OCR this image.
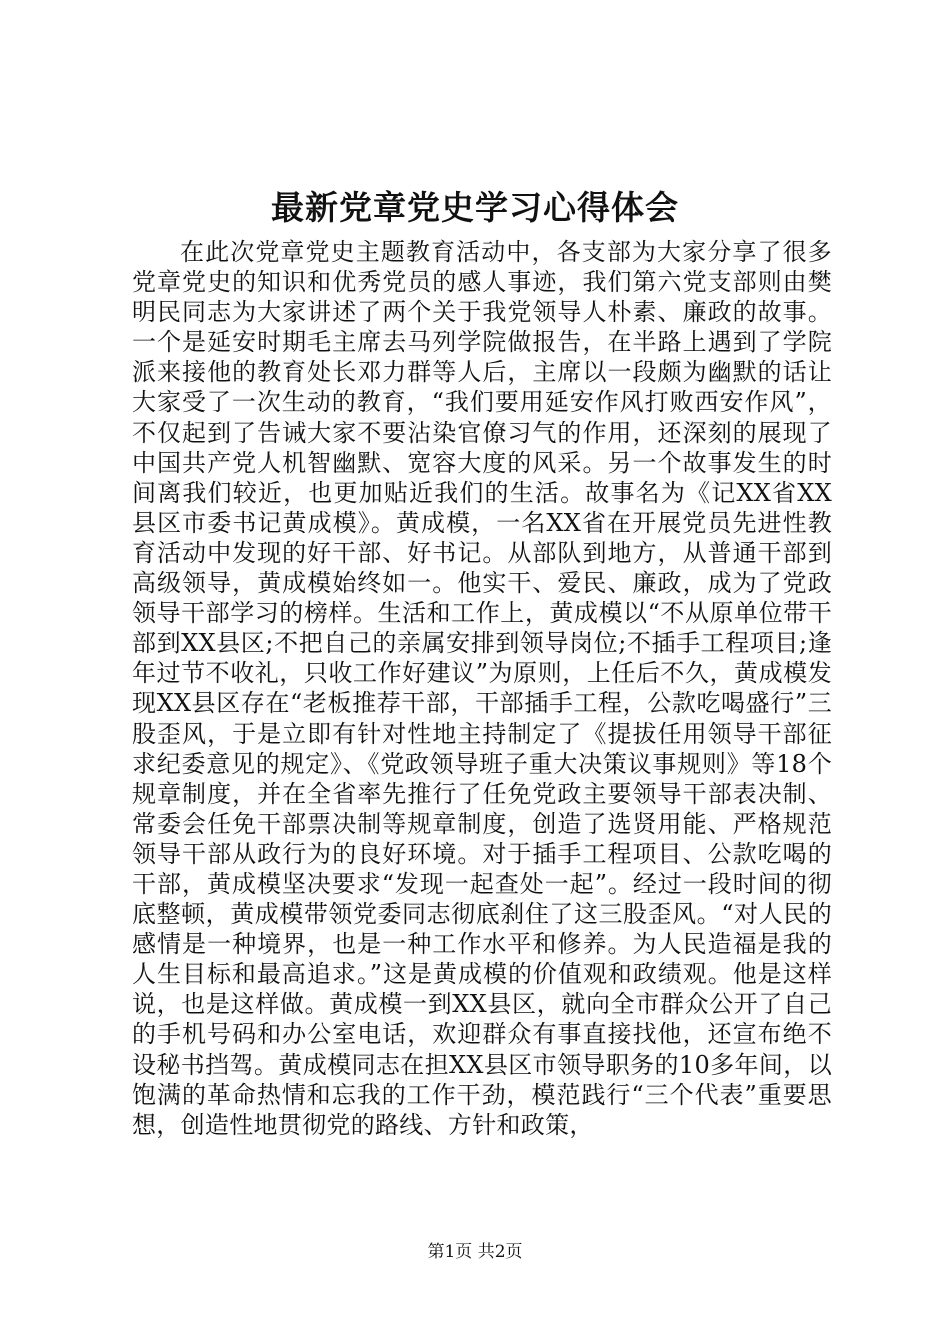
最新党章党史学习心得体会

在此次党章党史主题教育活动中，各支部为大家分享了很多党章党史的知识和优秀党员的感人事迹，我们第六党支部则由樊明民同志为大家讲述了两个关于我党领导人朴素、廉政的故事。一个是延安时期毛主席去马列学院做报告，在半路上遇到了学院派来接他的教育处长邓力群等人后，主席以一段颇为幽默的话让大家受了一次生动的教育，“我们要用延安作风打败西安作风”，不仅起到了告诫大家不要沾染官僚习气的作用，还深刻的展现了中国共产党人机智幽默、宽容大度的风采。另一个故事发生的时间离我们较近，也更加贴近我们的生活。故事名为《记XX省XX县区市委书记黄成模》。黄成模，一名XX省在开展党员先进性教育活动中发现的好干部、好书记。从部队到地方，从普通干部到高级领导，黄成模始终如一。他实干、爱民、廉政，成为了党政领导干部学习的榜样。生活和工作上，黄成模以“不从原单位带干部到XX县区;不把自己的亲属安排到领导岗位;不插手工程项目;逢年过节不收礼，只收工作好建议”为原则，上任后不久，黄成模发现XX县区存在“老板推荐干部，干部插手工程，公款吃喝盛行”三股歪风，于是立即有针对性地主持制定了《提拔任用领导干部征求纪委意见的规定》、《党政领导班子重大决策议事规则》等18个规章制度，并在全省率先推行了任免党政主要领导干部表决制、常委会任免干部票决制等规章制度，创造了选贤用能、严格规范领导干部从政行为的良好环境。对于插手工程项目、公款吃喝的干部，黄成模坚决要求“发现一起查处一起”。经过一段时间的彻底整顿，黄成模带领党委同志彻底刹住了这三股歪风。“对人民的感情是一种境界，也是一种工作水平和修养。为人民造福是我的人生目标和最高追求。”这是黄成模的价值观和政绩观。他是这样说，也是这样做。黄成模一到XX县区，就向全市群众公开了自己的手机号码和办公室电话，欢迎群众有事直接找他，还宣布绝不设秘书挡驾。黄成模同志在担XX县区市领导职务的10多年间，以饱满的革命热情和忘我的工作干劲，模范践行“三个代表”重要思想，创造性地贯彻党的路线、方针和政策，

第1页 共2页
